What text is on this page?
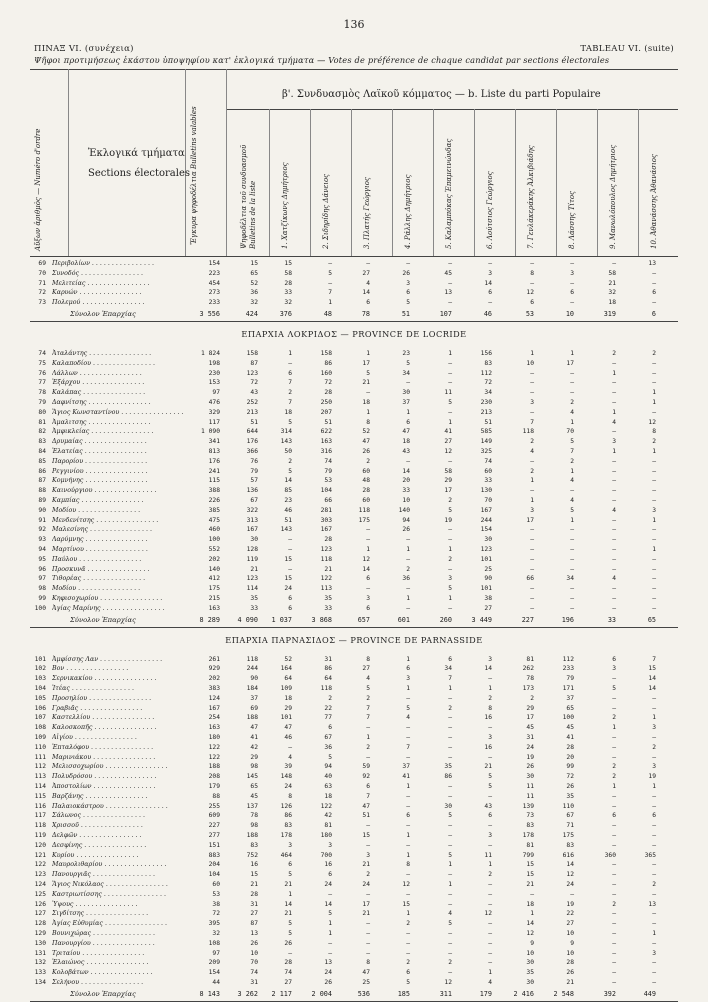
136
ΠΙΝΑΞ VI. (συνέχεια)	TABLEAU VI. (suite)
Ψῆφοι προτιμήσεως ἑκάστου ὑποψηφίου κατ' ἐκλογικά τμήματα — Votes de préférence de chaque candidat par sections électorales
Αὔξων ἀριθμὸς — Numéro d'ordre	Ἐκλογικά τμήματα
Sections électorales Ἔγκυρα ψηφοδέλτια Bulletins valables
β'. Συνδυασμὸς Λαϊκοῦ κόμματος — b. Liste du parti Populaire
Ψηφοδέλτια τοῦ συνδυασμοῦ Bulletins de la liste	1. Χατζίκωνς Δημήτριος	2. Σιδηρίδης Δάνειος	3. Πλατής Γεώργιος	4. Ράλλης Δημήτριος	5. Καλαμπόκας Ἐπαμεινώνδας	6. Λούτσιος Γεώργιος	7. Γενλάκεράκης Ἀλκιβιάδης	8. Λάσσης Τίτος	9. Μανωλόπουλος Δημήτριος	10. Ἀθανάσσης Ἀθανάσιος
69 Περιβολίων . . . . . . . . . . . . . . . .	154	15	15	—	—	—	—	—	—	—	—	13
70 Συνοδός . . . . . . . . . . . . . . . .	223	65	58	5	27	26	45	3	8	3	58	—
71 Μελιτείας . . . . . . . . . . . . . . . .	454	52	28	—	4	3	—	14	—	—	21	—
72 Καρυών . . . . . . . . . . . . . . . .	273	36	33	7	14	6	13	6	12	6	32	6
73 Πολεμού . . . . . . . . . . . . . . . .	233	32	32	1	6	5	—	—	6	—	18	—
Σύνολον Ἐπαρχίας	3 556	424	376	48	78	51	107	46	53	10	319	6
ΕΠΑΡΧΙΑ ΛΟΚΡΙΔΟΣ — PROVINCE DE LOCRIDE
74 Ἀταλάντης . . . . . . . . . . . . . . . .	1 824	158	1	158	1	23	1	156	1	1	2	2
75 Καλαποδίου . . . . . . . . . . . . . . . .	198	87	—	86	17	5	—	83	10	17	—	—
76 Λάλλων . . . . . . . . . . . . . . . .	230	123	6	160	5	34	—	112	—	—	1	—
77 Ἐξάρχου . . . . . . . . . . . . . . . .	153	72	7	72	21	—	—	72	—	—	—	—
78 Καλάπας . . . . . . . . . . . . . . . .	97	43	2	28	—	30	11	34	—	—	—	1
79 Δαφνίτσης . . . . . . . . . . . . . . . .	476	252	7	250	18	37	5	230	3	2	—	1
80 Ἅγιος Κωνσταντίνου . . . . . . . . . . . . . . . .	329	213	18	207	1	1	—	213	—	4	1	—
81 Ἀμαλιτσης . . . . . . . . . . . . . . . .	117	51	5	51	8	6	1	51	7	1	4	12
82 Ἀμφικλείας . . . . . . . . . . . . . . . .	1 090	644	314	622	52	47	41	585	118	70	—	8
83 Δρυμαίας . . . . . . . . . . . . . . . .	341	176	143	163	47	18	27	149	2	5	3	2
84 Ἐλατείας . . . . . . . . . . . . . . . .	813	366	50	316	26	43	12	325	4	7	1	1
85 Παρορίου . . . . . . . . . . . . . . . .	176	76	2	74	2	—	—	74	—	2	—	—
86 Ρεγγινίου . . . . . . . . . . . . . . . .	241	79	5	79	60	14	58	60	2	1	—	—
87 Κομνήνης . . . . . . . . . . . . . . . .	115	57	14	53	48	20	29	33	1	4	—	—
88 Καινούργιου . . . . . . . . . . . . . . . .	388	136	85	104	28	33	17	130	—	—	—	—
89 Καμπίας . . . . . . . . . . . . . . . .	226	67	23	66	60	10	2	70	1	4	—	—
90 Μοδίου . . . . . . . . . . . . . . . .	385	322	46	281	118	140	5	167	3	5	4	3
91 Μενδενίτσης . . . . . . . . . . . . . . . .	475	313	51	303	175	94	19	244	17	1	—	1
92 Μαλεσίνης . . . . . . . . . . . . . . . .	460	167	143	167	—	26	—	154	—	—	—	—
93 Λαρύμνης . . . . . . . . . . . . . . . .	100	30	—	28	—	—	—	30	—	—	—	—
94 Μαρτίνου . . . . . . . . . . . . . . . .	552	128	—	123	1	1	1	123	—	—	—	1
95 Παύλου . . . . . . . . . . . . . . . .	202	119	15	118	12	—	2	101	—	—	—	—
96 Προσκυνᾶ . . . . . . . . . . . . . . . .	140	21	—	21	14	2	—	25	—	—	—	—
97 Τιθορέας . . . . . . . . . . . . . . . .	412	123	15	122	6	36	3	90	66	34	4	—
98 Μοδίου . . . . . . . . . . . . . . . .	175	114	24	113	—	—	5	101	—	—	—	—
99 Κηφισοχωρίου . . . . . . . . . . . . . . . .	215	35	6	35	3	1	1	38	—	—	—	—
100 Ἀγίας Μαρίνης . . . . . . . . . . . . . . . .	163	33	6	33	6	—	—	27	—	—	—	—
Σύνολον Ἐπαρχίας	8 289	4 090	1 037	3 868	657	601	260	3 449	227	196	33	65
ΕΠΑΡΧΙΑ ΠΑΡΝΑΣΙΔΟΣ — PROVINCE DE PARNASSIDE
101 Ἀμφίσσης Λαν . . . . . . . . . . . . . . . .	261	118	52	31	8	1	6	3	81	112	6	7
102 Βον . . . . . . . . . . . . . . . .	929	244	164	86	27	6	34	14	262	233	3	15
103 Σερνικακίου . . . . . . . . . . . . . . . .	202	90	64	64	4	3	7	—	78	79	—	14
104 Ἰτέας . . . . . . . . . . . . . . . .	383	184	109	118	5	1	1	1	173	171	5	14
105 Προσηλίου . . . . . . . . . . . . . . . .	124	37	18	2	2	—	—	2	2	37	—	—
106 Γραβιᾶς . . . . . . . . . . . . . . . .	167	69	29	22	7	5	2	8	29	65	—	—
107 Καστελλίου . . . . . . . . . . . . . . . .	254	188	101	77	7	4	—	16	17	100	2	1
108 Καλοσκοπῆς . . . . . . . . . . . . . . . .	163	47	47	6	—	—	—	—	45	45	1	3
109 Αἰγίου . . . . . . . . . . . . . . . .	180	41	46	67	1	—	—	3	31	41	—	—
110 Ἐπταλόφου . . . . . . . . . . . . . . . .	122	42	—	36	2	7	—	16	24	28	—	2
111 Μαρινιάκου . . . . . . . . . . . . . . . .	122	29	4	5	—	—	—	—	19	20	—	—
112 Μελισσοχωρίου . . . . . . . . . . . . . . . .	188	98	39	94	59	37	35	21	26	99	2	3
113 Πολυδρόσου . . . . . . . . . . . . . . . .	208	145	148	40	92	41	86	5	30	72	2	19
114 Ἀποστολίων . . . . . . . . . . . . . . . .	179	65	24	63	6	1	—	5	11	26	1	1
115 Βαρζάνης . . . . . . . . . . . . . . . .	88	45	8	18	7	—	—	—	11	35	—	—
116 Παλαιοκάστρου . . . . . . . . . . . . . . . .	255	137	126	122	47	—	30	43	139	110	—	—
117 Σάλωνος . . . . . . . . . . . . . . . .	609	78	86	42	51	6	5	6	73	67	6	6
118 Χρισσοῦ . . . . . . . . . . . . . . . .	227	98	83	81	—	—	—	—	83	71	—	—
119 Δελφῶν . . . . . . . . . . . . . . . .	277	188	178	180	15	1	—	3	178	175	—	—
120 Δεσφίνης . . . . . . . . . . . . . . . .	151	83	3	3	—	—	—	—	81	83	—	—
121 Κυρίου . . . . . . . . . . . . . . . .	883	752	464	700	3	1	5	11	799	616	360	365
122 Μαυρολιθαρίου . . . . . . . . . . . . . . . .	204	16	6	16	21	8	1	1	15	14	—	—
123 Πανουργιᾶς . . . . . . . . . . . . . . . .	104	15	5	6	2	—	—	2	15	12	—	—
124 Ἅγιος Νικόλαος . . . . . . . . . . . . . . . .	60	21	21	24	24	12	1	—	21	24	—	2
125 Καστριωτίσσης . . . . . . . . . . . . . . . .	53	28	1	—	—	—	—	—	—	—	—	—
126 Ὑψους . . . . . . . . . . . . . . . .	38	31	14	14	17	15	—	—	18	19	2	13
127 Σιγδίτσης . . . . . . . . . . . . . . . .	72	27	21	5	21	1	4	12	1	22	—	—
128 Ἁγίας Εὐθυμίας . . . . . . . . . . . . . . . .	395	87	5	1	—	2	5	—	14	27	—	—
129 Βουνιχώρας . . . . . . . . . . . . . . . .	32	13	5	1	—	—	—	—	12	10	—	1
130 Πανουργίου . . . . . . . . . . . . . . . .	108	26	26	—	—	—	—	—	9	9	—	—
131 Τριταίου . . . . . . . . . . . . . . . .	97	10	—	—	—	—	—	—	10	10	—	3
132 Ἐλαιώνος . . . . . . . . . . . . . . . .	209	70	28	13	8	2	2	—	30	28	—	—
133 Κολοβάτων . . . . . . . . . . . . . . . .	154	74	74	24	47	6	—	1	35	26	—	—
134 Σελήνου . . . . . . . . . . . . . . . .	44	31	27	26	25	5	12	4	30	21	—	—
Σύνολον Ἐπαρχίας	8 143	3 262	2 117	2 004	536	185	311	179	2 416	2 548	392	449
